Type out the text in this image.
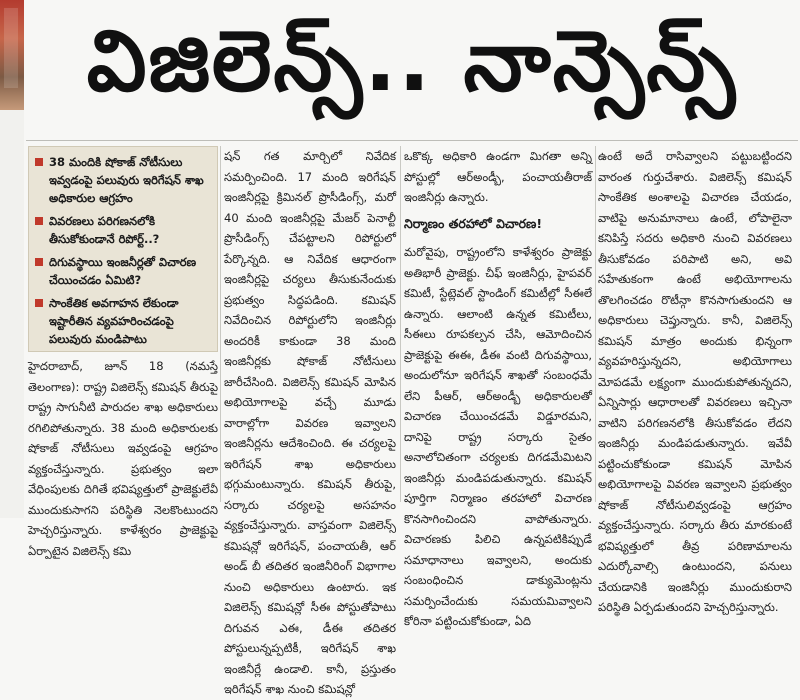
విజిలెన్స్.. నాన్సెన్స్
38 మందికి షోకాజ్ నోటీసులు ఇవ్వడంపై పలువురు ఇరిగేషన్ శాఖ అధికారుల ఆగ్రహం
వివరణలు పరిగణనలోకి తీసుకోకుండానే రిపోర్ట్..?
దిగువస్థాయి ఇంజనీర్లతో విచారణ చేయించడం ఏమిటి?
సాంకేతిక అవగాహన లేకుండా ఇష్టారీతిన వ్యవహరించడంపై పలువురు మండిపాటు

హైదరాబాద్, జూన్ 18 (నమస్తే తెలంగాణ): రాష్ట్ర విజిలెన్స్ కమిషన్ తీరుపై రాష్ట్ర సాగునీటి పారుదల శాఖ అధికారులు రగిలిపోతున్నారు. 38 మంది అధికారులకు షోకాజ్ నోటీసులు ఇవ్వడంపై ఆగ్రహం వ్యక్తంచేస్తున్నారు. ప్రభుత్వం ఇలా వేధింపులకు దిగితే భవిష్యత్తులో ప్రాజెక్టులేవీ ముందుకుసాగని పరిస్థితి నెలకొంటుందని హెచ్చరిస్తున్నారు. కాళేశ్వరం ప్రాజెక్టుపై ఏర్పాటైన విజిలెన్స్ కమి

షన్ గత మార్చిలో నివేదిక సమర్పించింది. 17 మంది ఇరిగేషన్ ఇంజినీర్లపై క్రిమినల్ ప్రొసీడింగ్స్, మరో 40 మంది ఇంజినీర్లపై మేజర్ పెనాల్టీ ప్రొసీడింగ్స్ చేపట్టాలని రిపోర్టులో పేర్కొన్నది. ఆ నివేదిక ఆధారంగా ఇంజినీర్లపై చర్యలు తీసుకునేందుకు ప్రభుత్వం సిద్ధపడింది. కమిషన్ నివేదించిన రిపోర్టులోని ఇంజినీర్లు అందరికీ కాకుండా 38 మంది ఇంజినీర్లకు షోకాజ్ నోటీసులు జారీచేసింది. విజిలెన్స్ కమిషన్ మోపిన అభియోగాలపై వచ్చే మూడు వారాల్లోగా వివరణ ఇవ్వాలని ఇంజినీర్లను ఆదేశించింది. ఈ చర్యలపై ఇరిగేషన్ శాఖ అధికారులు భగ్గుమంటున్నారు. కమిషన్ తీరుపై, సర్కారు చర్యలపై అసహనం వ్యక్తంచేస్తున్నారు. వాస్తవంగా విజిలెన్స్ కమిషన్లో ఇరిగేషన్, పంచాయతీ, ఆర్ అండ్ బీ తదితర ఇంజినీరింగ్ విభాగాల నుంచి అధికారులు ఉంటారు. ఇక విజిలెన్స్ కమిషన్లో సీఈ పోస్టుతోపాటు దిగువన ఎఈ, డీఈ తదితర పోస్టులున్నప్పటికీ, ఇరిగేషన్ శాఖ ఇంజినీర్లే ఉండాలి. కానీ, ప్రస్తుతం ఇరిగేషన్ శాఖ నుంచి కమిషన్లో

ఒకొక్క అధికారి ఉండగా మిగతా అన్ని పోస్టుల్లో ఆర్అండ్బీ, పంచాయతీరాజ్ ఇంజినీర్లు ఉన్నారు.

నిర్మాణం తరహాలో విచారణ!

మరోవైపు, రాష్ట్రంలోని కాళేశ్వరం ప్రాజెక్టు అతిభారీ ప్రాజెక్టు. చీఫ్ ఇంజినీర్లు, హైపవర్ కమిటీ, స్టేట్లెవల్ స్టాండింగ్ కమిటీల్లో సీఈలే ఉన్నారు. ఆలాంటి ఉన్నత కమిటీలు, సీఈలు రూపకల్పన చేసి, ఆమోదించిన ప్రాజెక్టుపై ఈఈ, డీఈ వంటి దిగువస్థాయి, అందులోనూ ఇరిగేషన్ శాఖతో సంబంధమే లేని పీఆర్, ఆర్అండ్బీ అధికారులతో విచారణ చేయించడమే విడ్డూరమని, దానిపై రాష్ట్ర సర్కారు సైతం అనాలోచితంగా చర్యలకు దిగడమేమిటని ఇంజినీర్లు మండిపడుతున్నారు. కమిషన్ పూర్తిగా నిర్మాణం తరహాలో విచారణ కొనసాగించిందని వాపోతున్నారు. విచారణకు పిలిచి ఉన్నపటికిప్పుడే సమాధానాలు ఇవ్వాలని, అందుకు సంబంధించిన డాక్యుమెంట్లను సమర్పించేందుకు సమయమివ్వాలని కోరినా పట్టించుకోకుండా, ఏది

ఉంటే అదే రాసివ్వాలని పట్టుబట్టిందని వారంత గుర్తుచేశారు. విజిలెన్స్ కమిషన్ సాంకేతిక అంశాలపై విచారణ చేయడం, వాటిపై అనుమానాలు ఉంటే, లోపాలైనా కనిపిస్తే సదరు అధికారి నుంచి వివరణలు తీసుకోవడం పరిపాటి అని, అవి సహేతుకంగా ఉంటే అభియోగాలను తొలగించడం రొటీన్గా కొనసాగుతుందని ఆ అధికారులు చెప్తున్నారు. కానీ, విజిలెన్స్ కమిషన్ మాత్రం అందుకు భిన్నంగా వ్యవహరిస్తున్నదని, అభియోగాలు మోపడమే లక్ష్యంగా ముందుకుపోతున్నదని, ఏన్నిసార్లు ఆధారాలతో వివరణలు ఇచ్చినా వాటిని పరిగణనలోకి తీసుకోవడం లేదని ఇంజినీర్లు మండిపడుతున్నారు. ఇవేవీ పట్టించుకోకుండా కమిషన్ మోపిన అభియోగాలపై వివరణ ఇవ్వాలని ప్రభుత్వం షోకాజ్ నోటీసులివ్వడంపై ఆగ్రహం వ్యక్తంచేస్తున్నారు. సర్కారు తీరు మారకుంటే భవిష్యత్తులో తీవ్ర పరిణామాలను ఎదుర్కోవాల్సి ఉంటుందని, పనులు చేయడానికి ఇంజినీర్లు ముందుకురాని పరిస్థితి ఏర్పడుతుందని హెచ్చరిస్తున్నారు.
